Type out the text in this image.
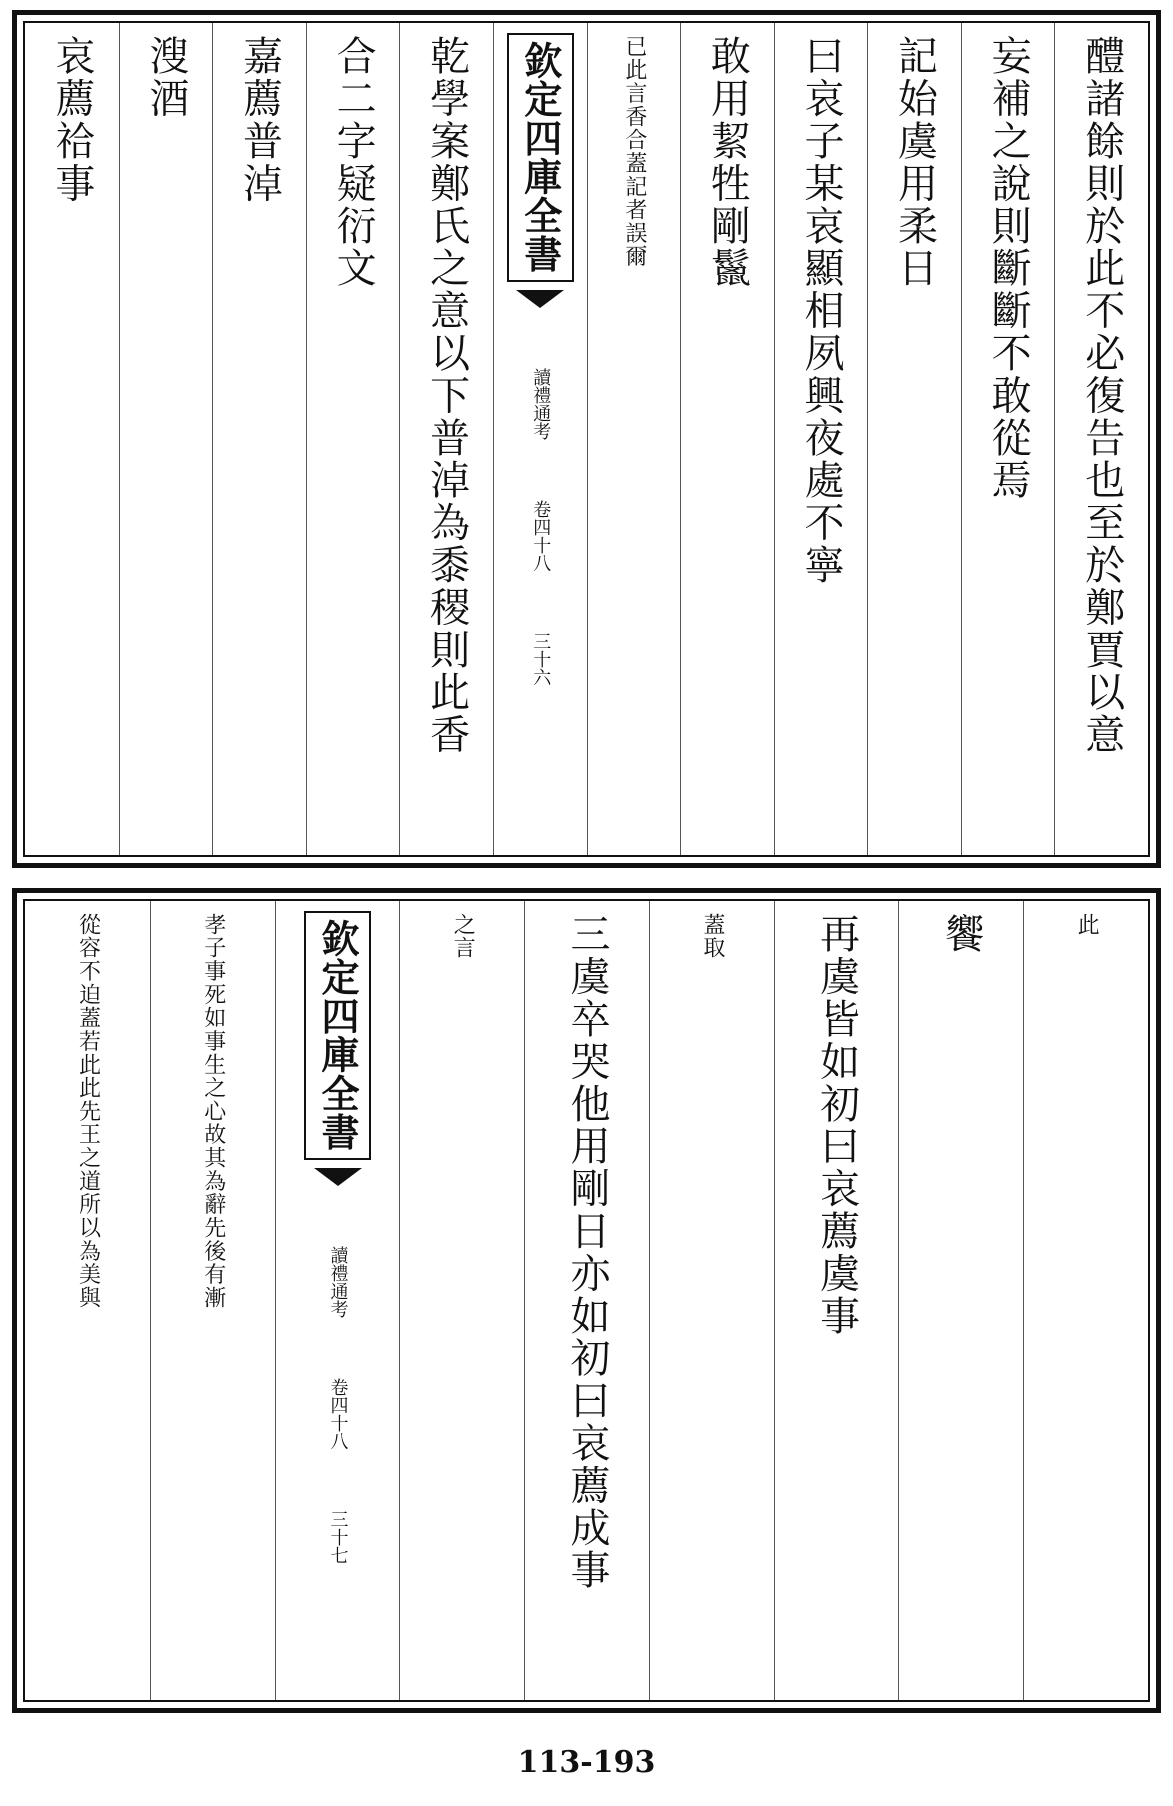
醴諸餘則於此不必復告也至於鄭賈以意
妄補之說則斷斷不敢從焉
記始虞用柔日
曰哀子某哀顯相夙興夜處不寧
敢用絜牲剛鬣
已此言香合蓋記者誤爾
欽定四庫全書
讀禮通考
卷四十八
三十六
乾學案鄭氏之意以下普淖為黍稷則此香
合二字疑衍文
嘉薦普淖
溲酒
哀薦祫事
此
饗
再虞皆如初曰哀薦虞事
蓋取
三虞卒哭他用剛日亦如初曰哀薦成事
之言
欽定四庫全書
讀禮通考
卷四十八
三十七
孝子事死如事生之心故其為辭先後有漸
從容不迫蓋若此此先王之道所以為美與
113-193
